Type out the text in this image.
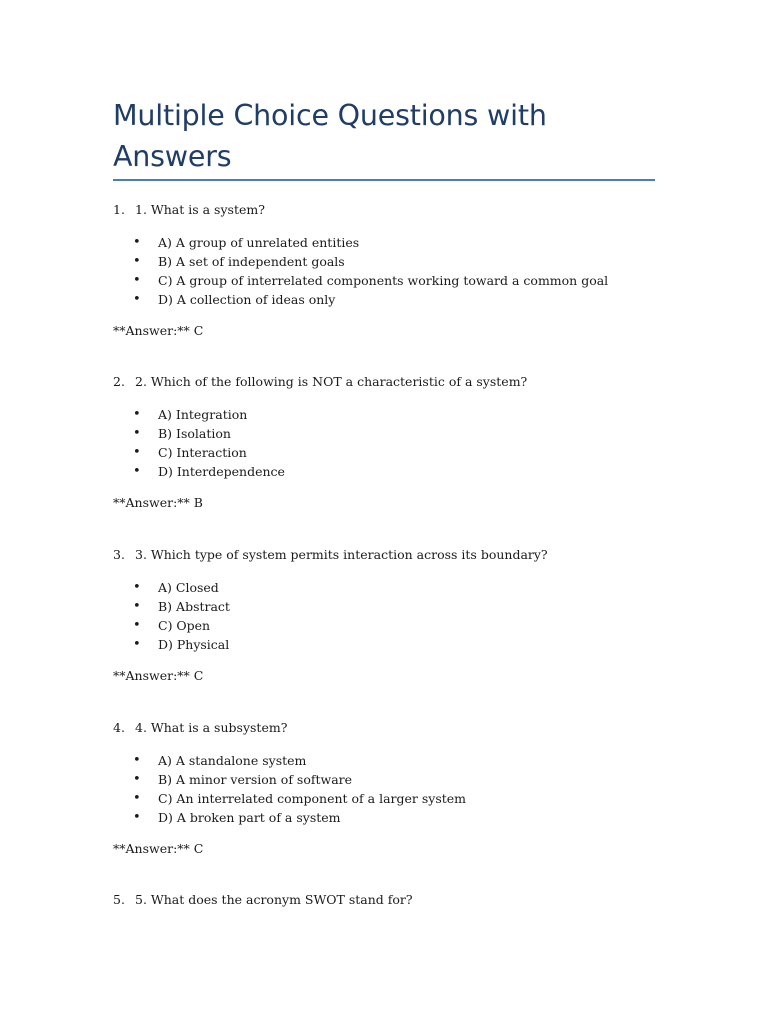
Multiple Choice Questions with
Answers
1. 1. What is a system?
• A) A group of unrelated entities
• B) A set of independent goals
• C) A group of interrelated components working toward a common goal
• D) A collection of ideas only
**Answer:** C
2. 2. Which of the following is NOT a characteristic of a system?
• A) Integration
• B) Isolation
• C) Interaction
• D) Interdependence
**Answer:** B
3. 3. Which type of system permits interaction across its boundary?
• A) Closed
• B) Abstract
• C) Open
• D) Physical
**Answer:** C
4. 4. What is a subsystem?
• A) A standalone system
• B) A minor version of software
• C) An interrelated component of a larger system
• D) A broken part of a system
**Answer:** C
5. 5. What does the acronym SWOT stand for?
